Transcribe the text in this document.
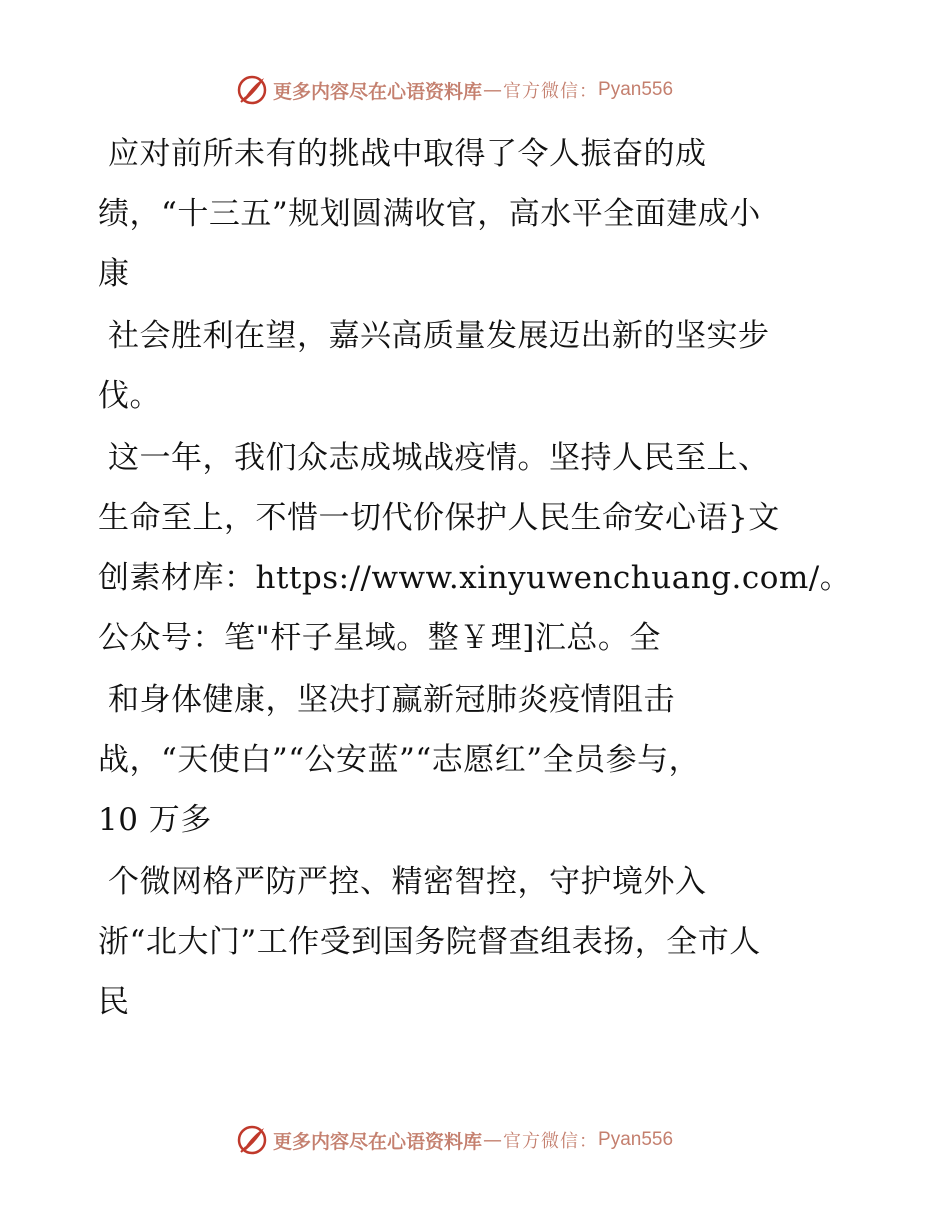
更多内容尽在心语资料库 — 官方微信： Pyan556
应对前所未有的挑战中取得了令人振奋的成
绩，“十三五”规划圆满收官，高水平全面建成小
康
社会胜利在望，嘉兴高质量发展迈出新的坚实步
伐。
这一年，我们众志成城战疫情。坚持人民至上、
生命至上，不惜一切代价保护人民生命安心语}文
创素材库：https://www.xinyuwenchuang.com/。
公众号：笔"杆子星域。整￥理]汇总。全
和身体健康，坚决打赢新冠肺炎疫情阻击
战，“天使白”“公安蓝”“志愿红”全员参与，
10 万多
个微网格严防严控、精密智控，守护境外入
浙“北大门”工作受到国务院督查组表扬，全市人
民
更多内容尽在心语资料库 — 官方微信： Pyan556
